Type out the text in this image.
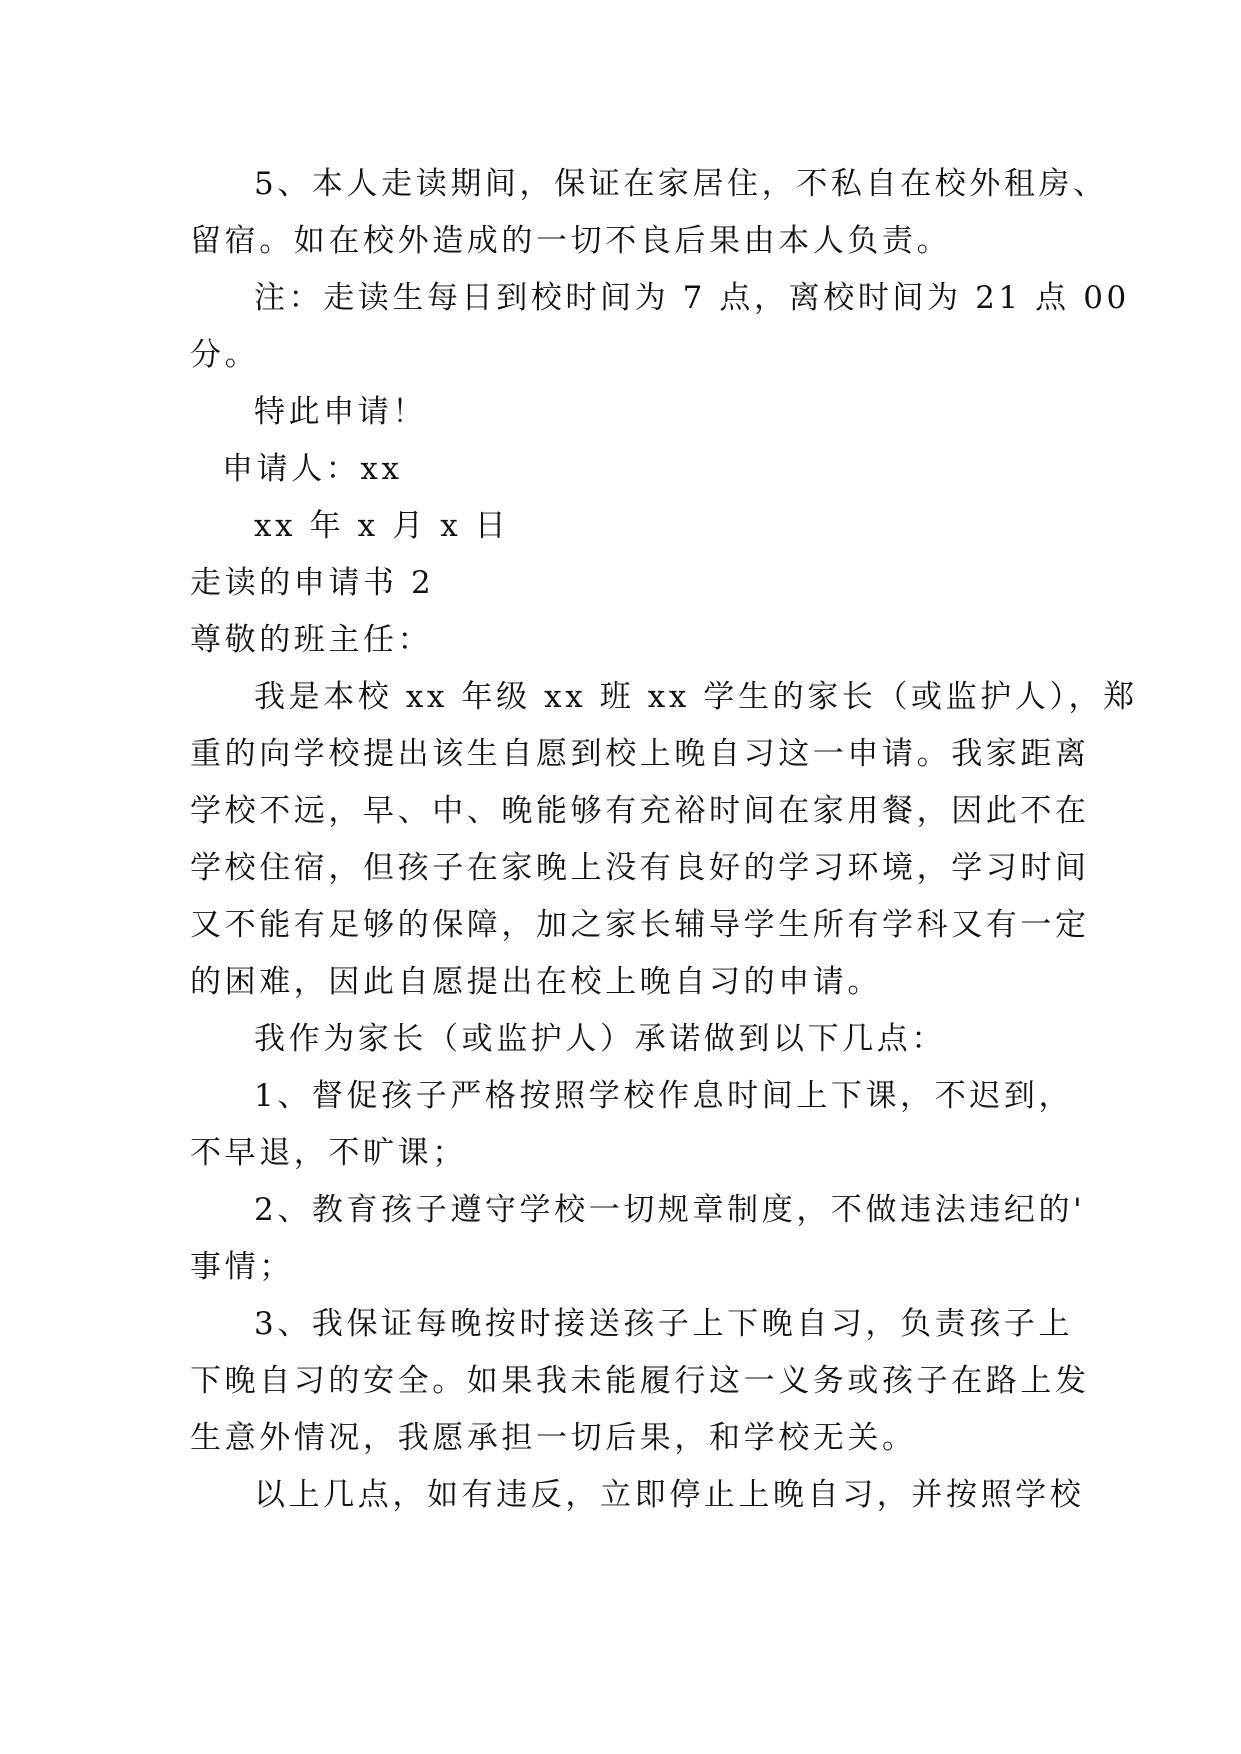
5、本人走读期间，保证在家居住，不私自在校外租房、
留宿。如在校外造成的一切不良后果由本人负责。
注：走读生每日到校时间为 7 点，离校时间为 21 点 00
分。
特此申请！
申请人：xx
xx 年 x 月 x 日
走读的申请书 2
尊敬的班主任：
我是本校 xx 年级 xx 班 xx 学生的家长（或监护人），郑
重的向学校提出该生自愿到校上晚自习这一申请。我家距离
学校不远，早、中、晚能够有充裕时间在家用餐，因此不在
学校住宿，但孩子在家晚上没有良好的学习环境，学习时间
又不能有足够的保障，加之家长辅导学生所有学科又有一定
的困难，因此自愿提出在校上晚自习的申请。
我作为家长（或监护人）承诺做到以下几点：
1、督促孩子严格按照学校作息时间上下课，不迟到，
不早退，不旷课；
2、教育孩子遵守学校一切规章制度，不做违法违纪的'
事情；
3、我保证每晚按时接送孩子上下晚自习，负责孩子上
下晚自习的安全。如果我未能履行这一义务或孩子在路上发
生意外情况，我愿承担一切后果，和学校无关。
以上几点，如有违反，立即停止上晚自习，并按照学校
